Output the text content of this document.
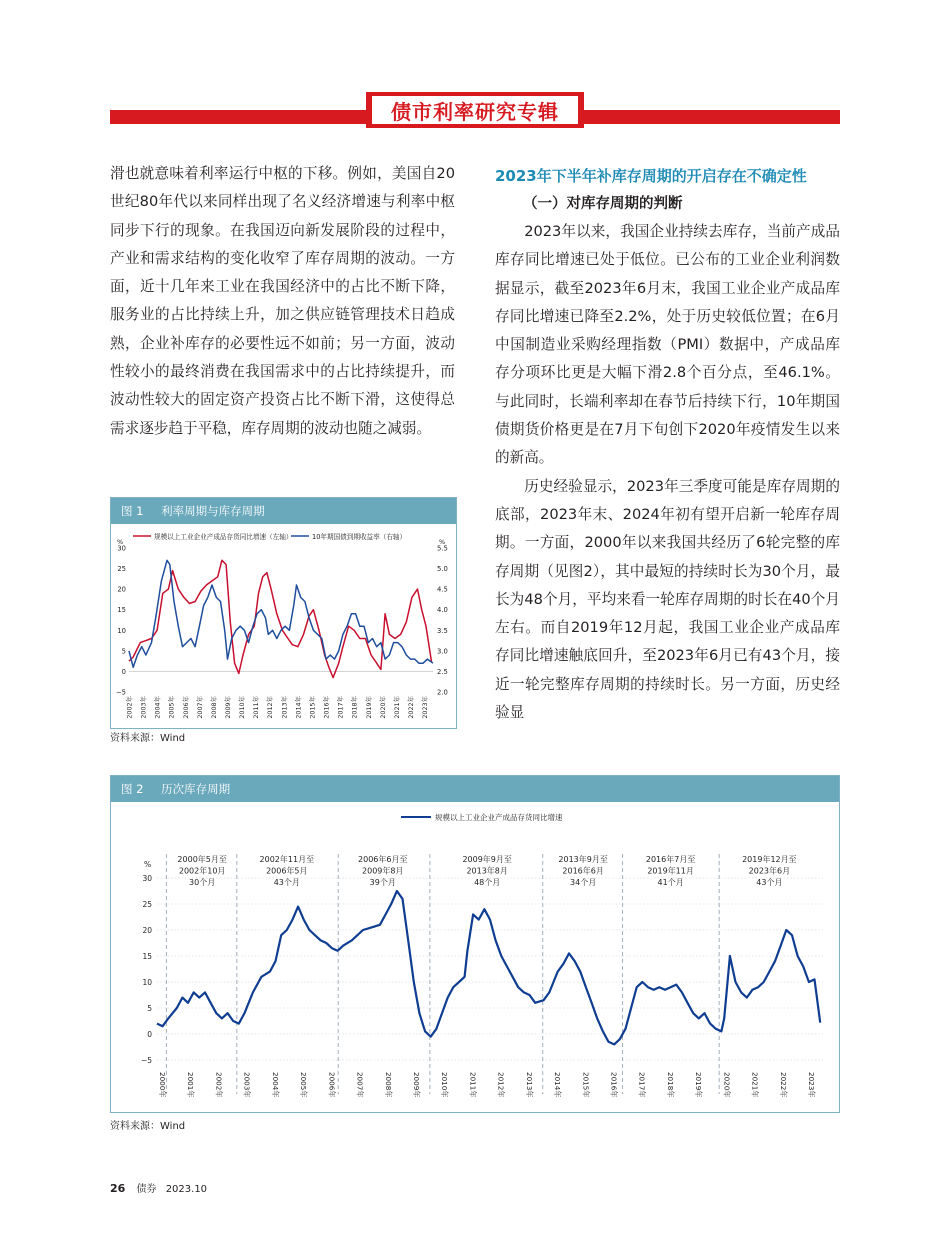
债市利率研究专辑

滑也就意味着利率运行中枢的下移。例如，美国自20世纪80年代以来同样出现了名义经济增速与利率中枢同步下行的现象。在我国迈向新发展阶段的过程中，产业和需求结构的变化收窄了库存周期的波动。一方面，近十几年来工业在我国经济中的占比不断下降，服务业的占比持续上升，加之供应链管理技术日趋成熟，企业补库存的必要性远不如前；另一方面，波动性较小的最终消费在我国需求中的占比持续提升，而波动性较大的固定资产投资占比不断下滑，这使得总需求逐步趋于平稳，库存周期的波动也随之减弱。

2023年下半年补库存周期的开启存在不确定性
（一）对库存周期的判断

2023年以来，我国企业持续去库存，当前产成品库存同比增速已处于低位。已公布的工业企业利润数据显示，截至2023年6月末，我国工业企业产成品库存同比增速已降至2.2%，处于历史较低位置；在6月中国制造业采购经理指数（PMI）数据中，产成品库存分项环比更是大幅下滑2.8个百分点，至46.1%。与此同时，长端利率却在春节后持续下行，10年期国债期货价格更是在7月下旬创下2020年疫情发生以来的新高。

历史经验显示，2023年三季度可能是库存周期的底部，2023年末、2024年初有望开启新一轮库存周期。一方面，2000年以来我国共经历了6轮完整的库存周期（见图2），其中最短的持续时长为30个月，最长为48个月，平均来看一轮库存周期的时长在40个月左右。而自2019年12月起，我国工业企业产成品库存同比增速触底回升，至2023年6月已有43个月，接近一轮完整库存周期的持续时长。另一方面，历史经验显

图 1 利率周期与库存周期
规模以上工业企业产成品存货同比增速（左轴）	10年期国债到期收益率（右轴）
%	%
−5
0
5
10
15
20
25
30
2.0
2.5
3.0
3.5
4.0
4.5
5.0
5.5
2002年 2003年 2004年 2005年 2006年 2007年 2008年 2009年 2010年 2011年 2012年 2013年 2014年 2015年 2016年 2017年 2018年 2019年 2020年 2021年 2022年 2023年
资料来源：Wind
图 2 历次库存周期
规模以上工业企业产成品存货同比增速
%
−5
0
5
10
15
20
25
30
2000年5月至
2002年10月
30个月
2002年11月至
2006年5月
43个月
2006年6月至
2009年8月
39个月
2009年9月至
2013年8月
48个月
2013年9月至
2016年6月
34个月
2016年7月至
2019年11月
41个月
2019年12月至
2023年6月
43个月
2000年	2001年	2002年	2003年	2004年	2005年	2006年	2007年	2008年	2009年	2010年	2011年	2012年	2013年	2014年	2015年	2016年	2017年	2018年	2019年	2020年	2021年	2022年	2023年
资料来源：Wind
26 债券 2023.10
